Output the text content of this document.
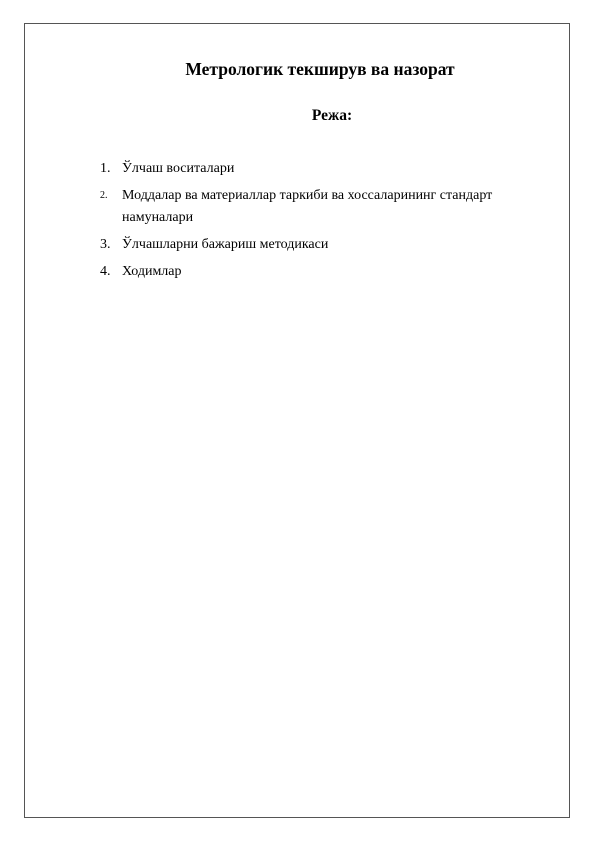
Метрологик текширув ва назорат
Режа:
1. Ўлчаш воситалари
2.	Моддалар ва материаллар таркиби ва хоссаларининг стандарт намуналари
3. Ўлчашларни бажариш методикаси
4. Ходимлар
